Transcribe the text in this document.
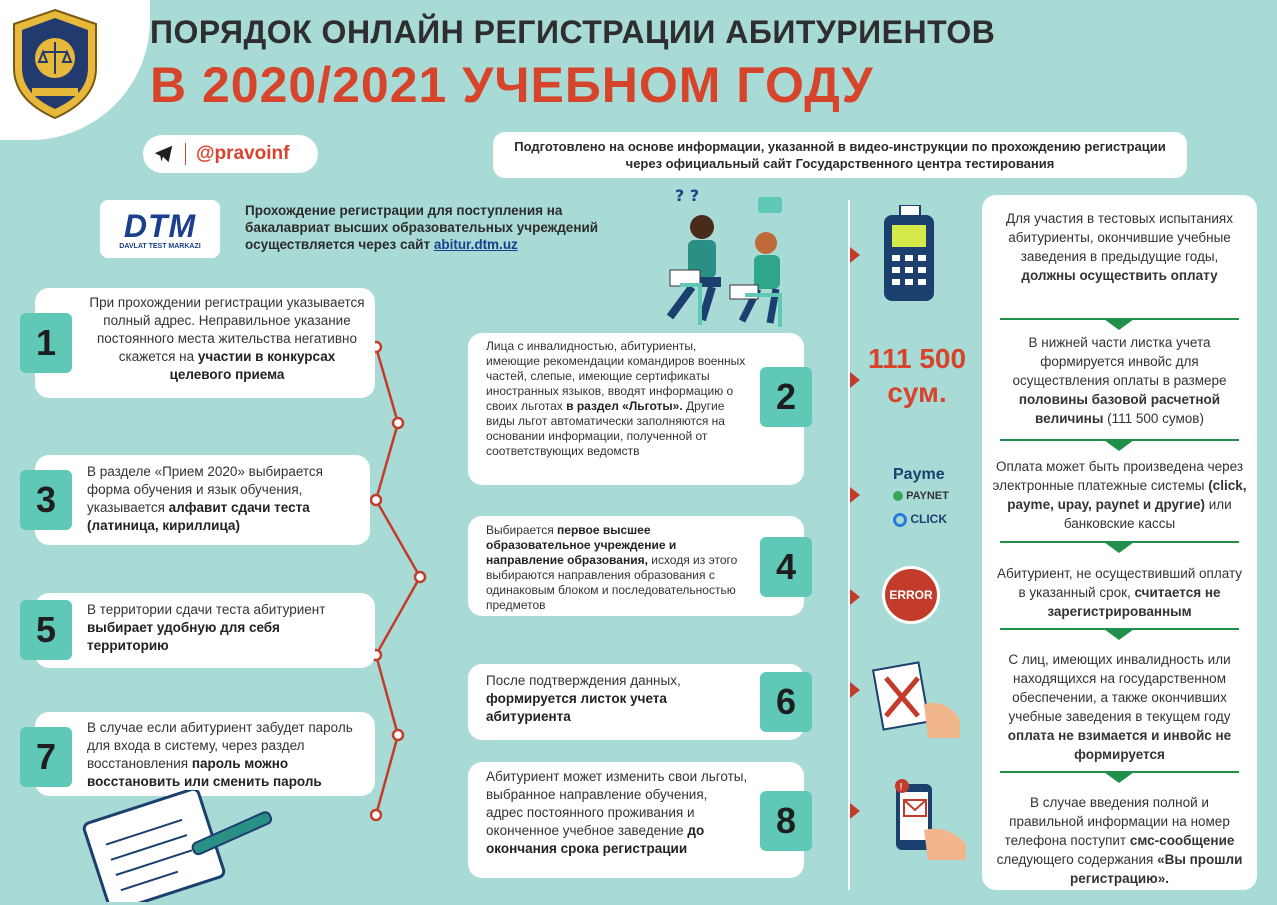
ПОРЯДОК ОНЛАЙН РЕГИСТРАЦИИ АБИТУРИЕНТОВ
В 2020/2021 УЧЕБНОМ ГОДУ
@pravoinf	Подготовлено на основе информации, указанной в видео-инструкции по прохождению регистрации через официальный сайт Государственного центра тестирования
DTM
DAVLAT TEST MARKAZI
Прохождение регистрации для поступления на бакалавриат высших образовательных учреждений осуществляется через сайт abitur.dtm.uz
? ?
При прохождении регистрации указывается полный адрес. Неправильное указание постоянного места жительства негативно скажется на участии в конкурсах целевого приема
1
В разделе «Прием 2020» выбирается форма обучения и язык обучения, указывается алфавит сдачи теста (латиница, кириллица)
3
В территории сдачи теста абитуриент выбирает удобную для себя территорию
5
В случае если абитуриент забудет пароль для входа в систему, через раздел восстановления пароль можно восстановить или сменить пароль
7
Лица с инвалидностью, абитуриенты, имеющие рекомендации командиров военных частей, слепые, имеющие сертификаты иностранных языков, вводят информацию о своих льготах в раздел «Льготы». Другие виды льгот автоматически заполняются на основании информации, полученной от соответствующих ведомств
2
Выбирается первое высшее образовательное учреждение и направление образования, исходя из этого выбираются направления образования с одинаковым блоком и последовательностью предметов
4
После подтверждения данных, формируется листок учета абитуриента	6
Абитуриент может изменить свои льготы, выбранное направление обучения, адрес постоянного проживания и оконченное учебное заведение до окончания срока регистрации
8
111 500
сум.
Payme
PAYNET
CLICK
ERROR
!
Для участия в тестовых испытаниях абитуриенты, окончившие учебные заведения в предыдущие годы, должны осуществить оплату
В нижней части листка учета формируется инвойс для осуществления оплаты в размере половины базовой расчетной величины (111 500 сумов)
Оплата может быть произведена через электронные платежные системы (click, payme, upay, paynet и другие) или банковские кассы
Абитуриент, не осуществивший оплату в указанный срок, считается не зарегистрированным
С лиц, имеющих инвалидность или находящихся на государственном обеспечении, а также окончивших учебные заведения в текущем году оплата не взимается и инвойс не формируется
В случае введения полной и правильной информации на номер телефона поступит смс-сообщение следующего содержания «Вы прошли регистрацию».
